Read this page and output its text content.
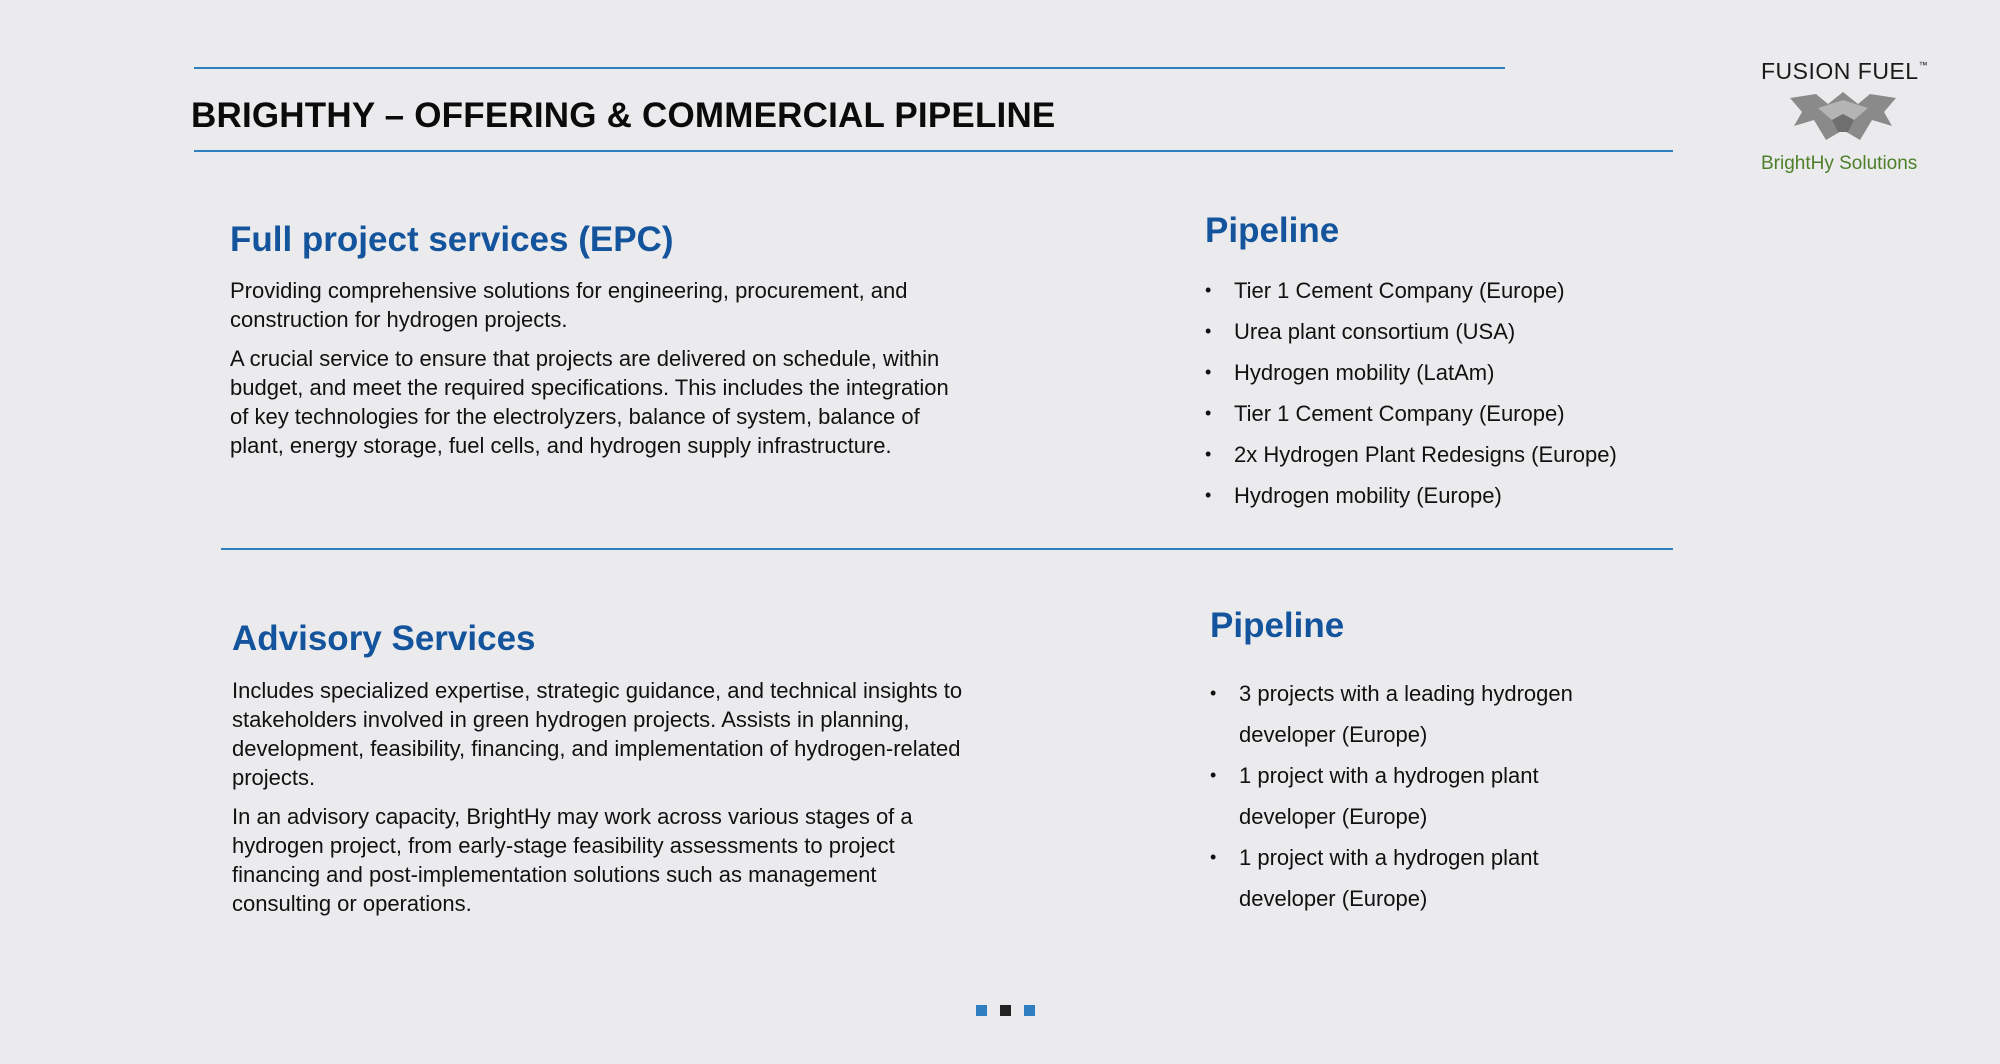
BRIGHTHY – OFFERING & COMMERCIAL PIPELINE
FUSION FUEL™
BrightHy Solutions
Full project services (EPC)

Providing comprehensive solutions for engineering, procurement, and construction for hydrogen projects.

A crucial service to ensure that projects are delivered on schedule, within budget, and meet the required specifications. This includes the integration of key technologies for the electrolyzers, balance of system, balance of plant, energy storage, fuel cells, and hydrogen supply infrastructure.

Pipeline
• Tier 1 Cement Company (Europe)
• Urea plant consortium (USA)
• Hydrogen mobility (LatAm)
• Tier 1 Cement Company (Europe)
• 2x Hydrogen Plant Redesigns (Europe)
• Hydrogen mobility (Europe)
Advisory Services

Includes specialized expertise, strategic guidance, and technical insights to stakeholders involved in green hydrogen projects. Assists in planning, development, feasibility, financing, and implementation of hydrogen-related projects.

In an advisory capacity, BrightHy may work across various stages of a hydrogen project, from early-stage feasibility assessments to project financing and post-implementation solutions such as management consulting or operations.

Pipeline
• 3 projects with a leading hydrogen developer (Europe)
• 1 project with a hydrogen plant developer (Europe)
• 1 project with a hydrogen plant developer (Europe)
